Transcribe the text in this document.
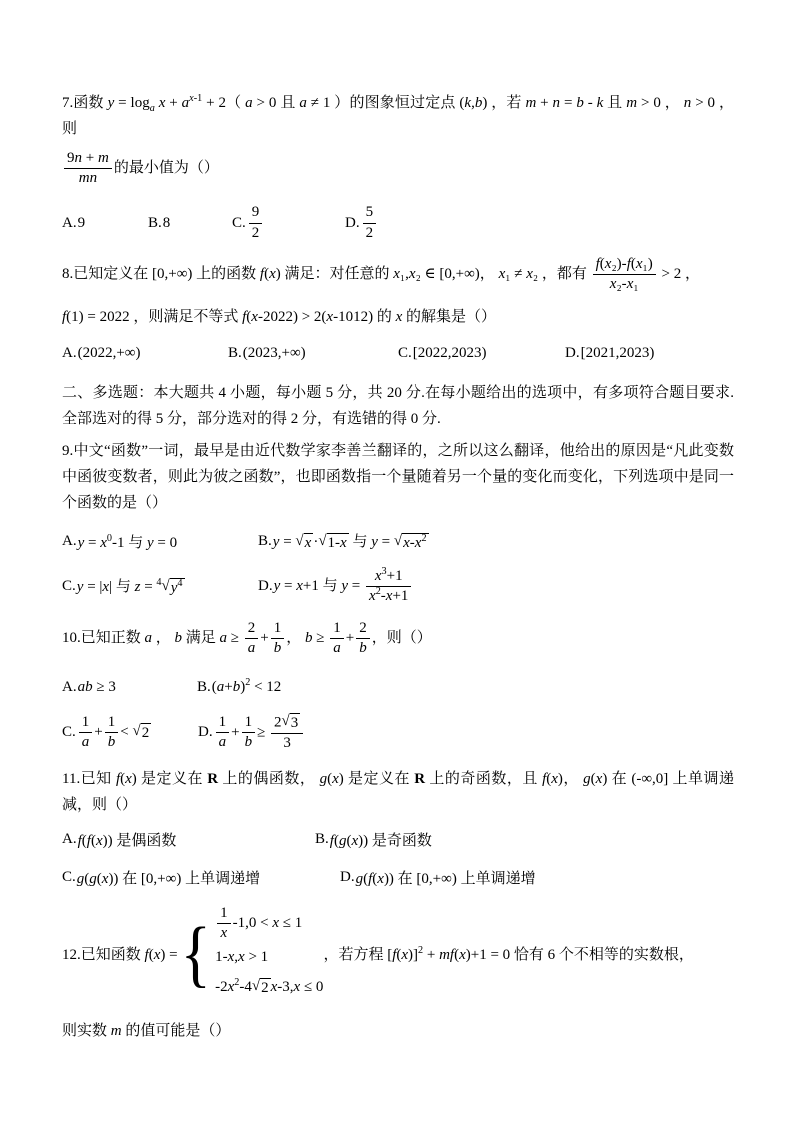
7.函数 $y = \log_a x + a^{x-1} + 2$（ a > 0 且 a ≠ 1 ）的图象恒过定点 (k,b) ，若 m + n = b - k 且 m > 0 ， n > 0 ，则

$\frac{9n + m}{mn}$ 的最小值为（）

A. 9	B. 8	C. $\frac{9}{2}$	D. $\frac{5}{2}$

8.已知定义在 [0,+∞) 上的函数 f(x) 满足：对任意的 x₁,x₂ ∈ [0,+∞)， x₁ ≠ x₂ ，都有 $\frac{\text{f(x₂)-f(x₁)}}{\text{x₂-x₁}} > 2$ ，

f(1) = 2022 ，则满足不等式 f(x-2022) > 2(x-1012) 的 x 的解集是（）

A. (2022,+∞)	B. (2023,+∞)	C. [2022,2023)	D. [2021,2023)

二、多选题：本大题共 4 小题，每小题 5 分，共 20 分.在每小题给出的选项中，有多项符合题目要求.全部选对的得 5 分，部分选对的得 2 分，有选错的得 0 分.

9.中文“函数”一词，最早是由近代数学家李善兰翻译的，之所以这么翻译，他给出的原因是“凡此变数中函彼变数者，则此为彼之函数”，也即函数指一个量随着另一个量的变化而变化，下列选项中是同一个函数的是（）

A. $y = x^0-1$ 与 y = 0	B. y = √ x · √ 1-x 与 y = √ $x-x^2$
C. y = |x| 与 z = $^4$ √ $y^4$	D. y = x+1 与 $y = \frac{x^3+1}{x^2-x+1}$

10.已知正数 a ， b 满足 $a \ge \frac{2}{a} + \frac{1}{b}$ ， $b \ge \frac{1}{a} + \frac{2}{b}$ ，则（）

A. ab ≥ 3	B. $(a+b)^2 < 12$
C. $\frac{1}{a} + \frac{1}{b}$ < √ 2	D. $\frac{1}{a} + \frac{1}{b} \ge \frac{2 √ 3}{3}$

11.已知 f(x) 是定义在 R 上的偶函数， g(x) 是定义在 R 上的奇函数，且 f(x)， g(x) 在 (-∞,0] 上单调递减，则（）

A. f(f(x)) 是偶函数	B. f(g(x)) 是奇函数
C. g(g(x)) 在 [0,+∞) 上单调递增	D. g(f(x)) 在 [0,+∞) 上单调递增
12.已知函数 f(x) = { $\frac{1}{x} -1,0 < x \le 1$
1-x,x > 1
$-2x^2-4$ √ 2 x-3,x ≤ 0
，若方程 $[f(x)]^2 + mf(x)+1 = 0$ 恰有 6 个不相等的实数根，

则实数 m 的值可能是（）
